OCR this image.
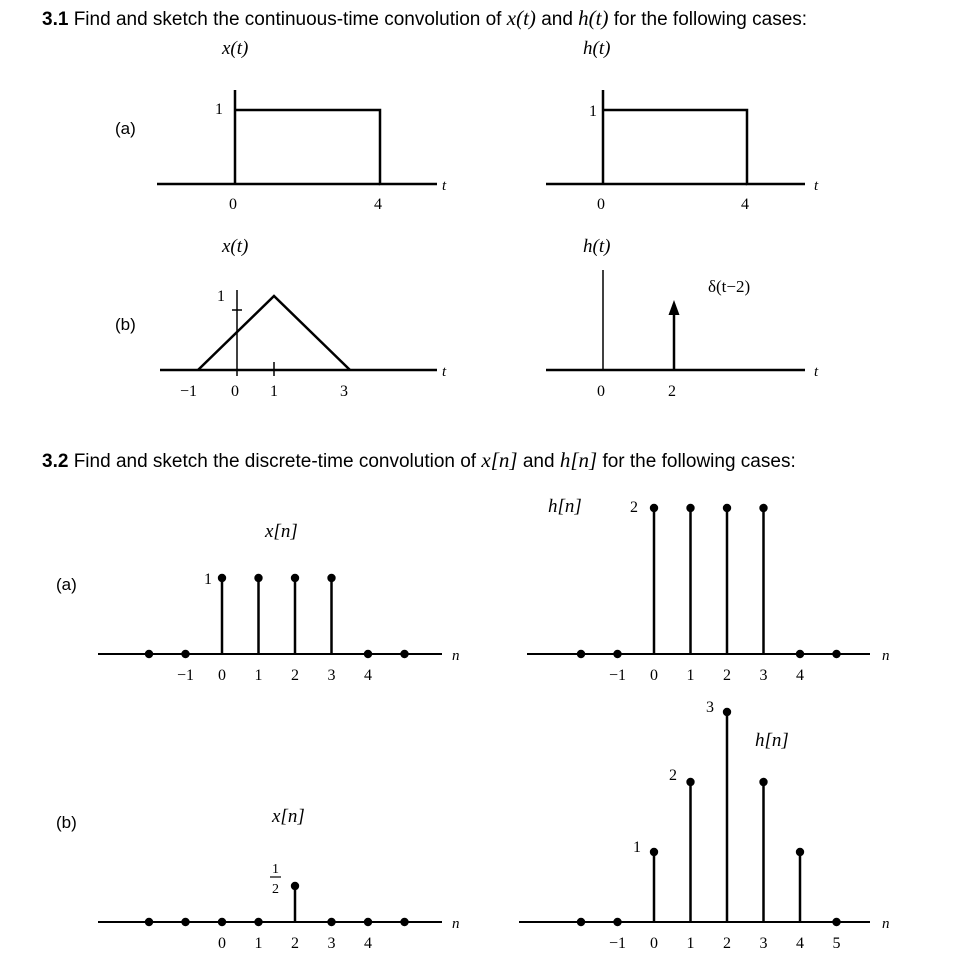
3.1 Find and sketch the continuous-time convolution of x(t) and h(t) for the following cases:
3.2 Find and sketch the discrete-time convolution of x[n] and h[n] for the following cases:
(a)
x(t)
1
0	4
t
h(t)
1
0	4
t
(b)
x(t)
1
−1 0 1	3
t
h(t)
δ(t−2)
0	2
t
(a)
x[n]
1
−1 0 1 2 3 4
n
h[n]	2
−1 0 1 2 3 4
n
(b)	x[n]
1
2
0 1 2 3 4
n
h[n]
1
2
3
−1 0 1 2 3 4 5
n
